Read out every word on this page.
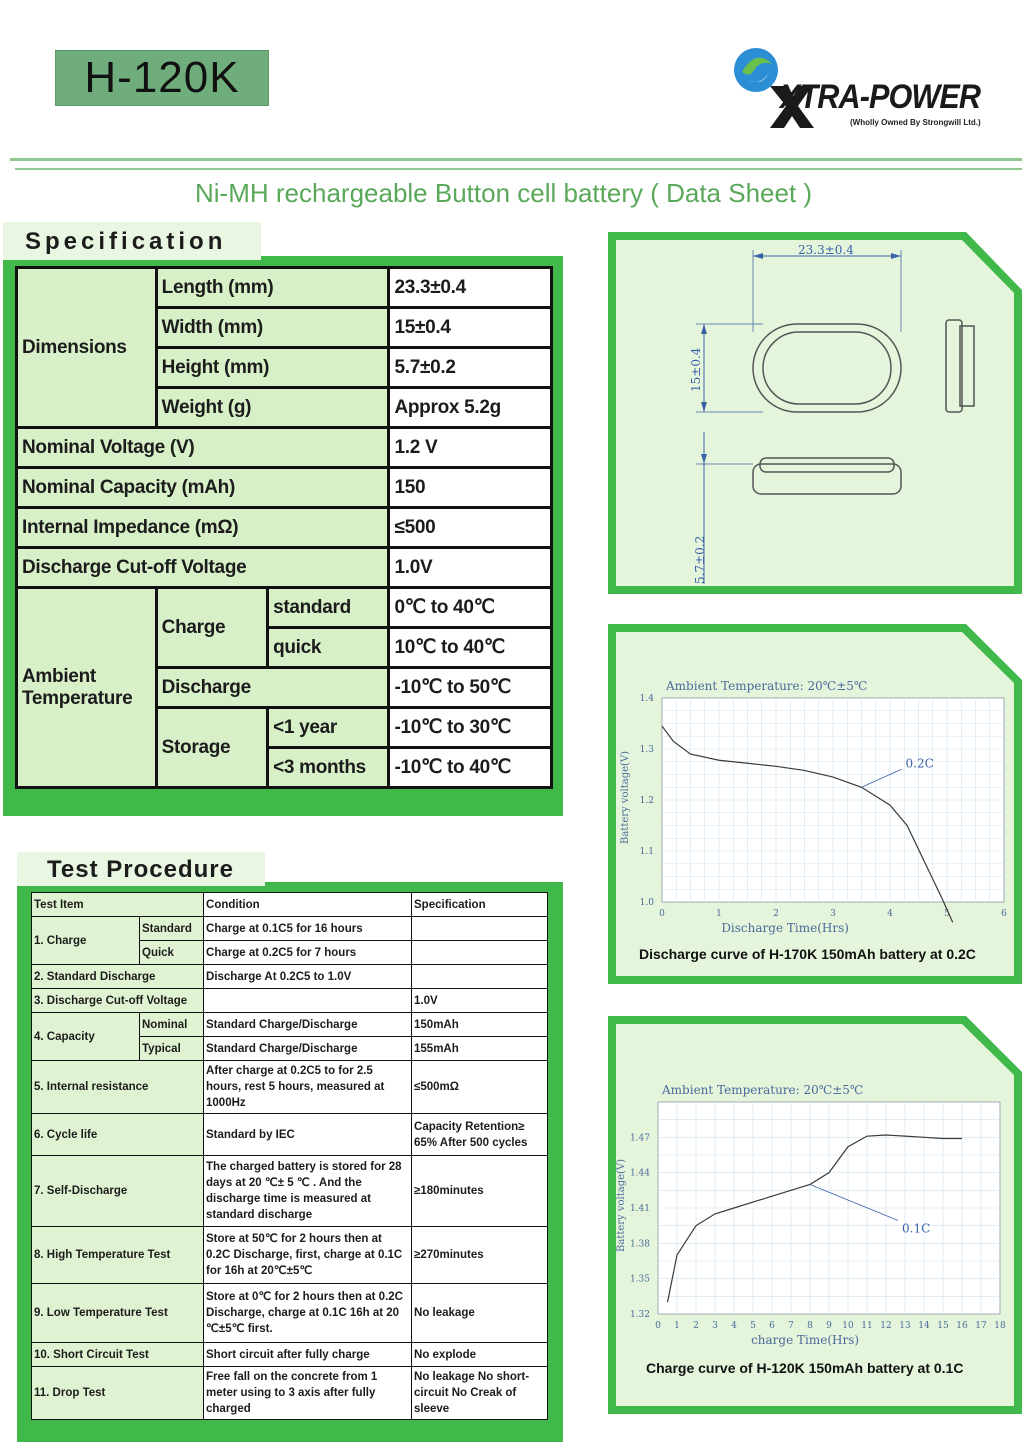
H-120K	XTRA-POWER
(Wholly Owned By Strongwill Ltd.)
Ni-MH rechargeable Button cell battery ( Data Sheet )
Specification
Dimensions	Length (mm)		23.3±0.4
	Width (mm)		15±0.4
	Height (mm)		5.7±0.2
	Weight (g)		Approx 5.2g
Nominal Voltage (V)			1.2 V
Nominal Capacity (mAh)			150
Internal Impedance (mΩ)			≤500
Discharge Cut-off Voltage			1.0V
Ambient Temperature	Charge	standard	0℃ to 40℃
		quick	10℃ to 40℃
	Discharge		-10℃ to 50℃
	Storage	<1 year	-10℃ to 30℃
		<3 months	-10℃ to 40℃
Test Procedure
Test Item		Condition	Specification
1. Charge	Standard	Charge at 0.1C5 for 16 hours	
	Quick	Charge at 0.2C5 for 7 hours	
2. Standard Discharge		Discharge At 0.2C5 to 1.0V	
3. Discharge Cut-off Voltage			1.0V
4. Capacity	Nominal	Standard Charge/Discharge	150mAh
	Typical	Standard Charge/Discharge	155mAh
5. Internal resistance		After charge at 0.2C5 to for 2.5 hours, rest 5 hours, measured at 1000Hz	≤500mΩ
6. Cycle life		Standard by IEC	Capacity Retention≥ 65% After 500 cycles
7. Self-Discharge		The charged battery is stored for 28 days at 20 ℃± 5 ℃ . And the discharge time is measured at standard discharge	≥180minutes
8. High Temperature Test		Store at 50℃ for 2 hours then at 0.2C Discharge, first, charge at 0.1C for 16h at 20℃±5℃	≥270minutes
9. Low Temperature Test		Store at 0℃ for 2 hours then at 0.2C Discharge, charge at 0.1C 16h at 20 ℃±5℃ first.	No leakage
10. Short Circuit Test		Short circuit after fully charge	No explode
11. Drop Test		Free fall on the concrete from 1 meter using to 3 axis after fully charged	No leakage No short-circuit No Creak of sleeve
23.3±0.4
15±0.4
5.7±0.2
0	1	2	3	4	5	6
1.0
1.1
1.2
1.3
1.4
Ambient Temperature: 20℃±5℃
Discharge Time(Hrs)
Battery voltage(V)	0.2C
Discharge curve of H-170K 150mAh battery at 0.2C
0 1 2 3 4 5 6 7 8 9 10 11 12 13 14 15 16 17 18
1.32
1.35
1.38
1.41
1.44
1.47
Ambient Temperature: 20℃±5℃
charge Time(Hrs)
Battery voltage(V)	0.1C
Charge curve of H-120K 150mAh battery at 0.1C
